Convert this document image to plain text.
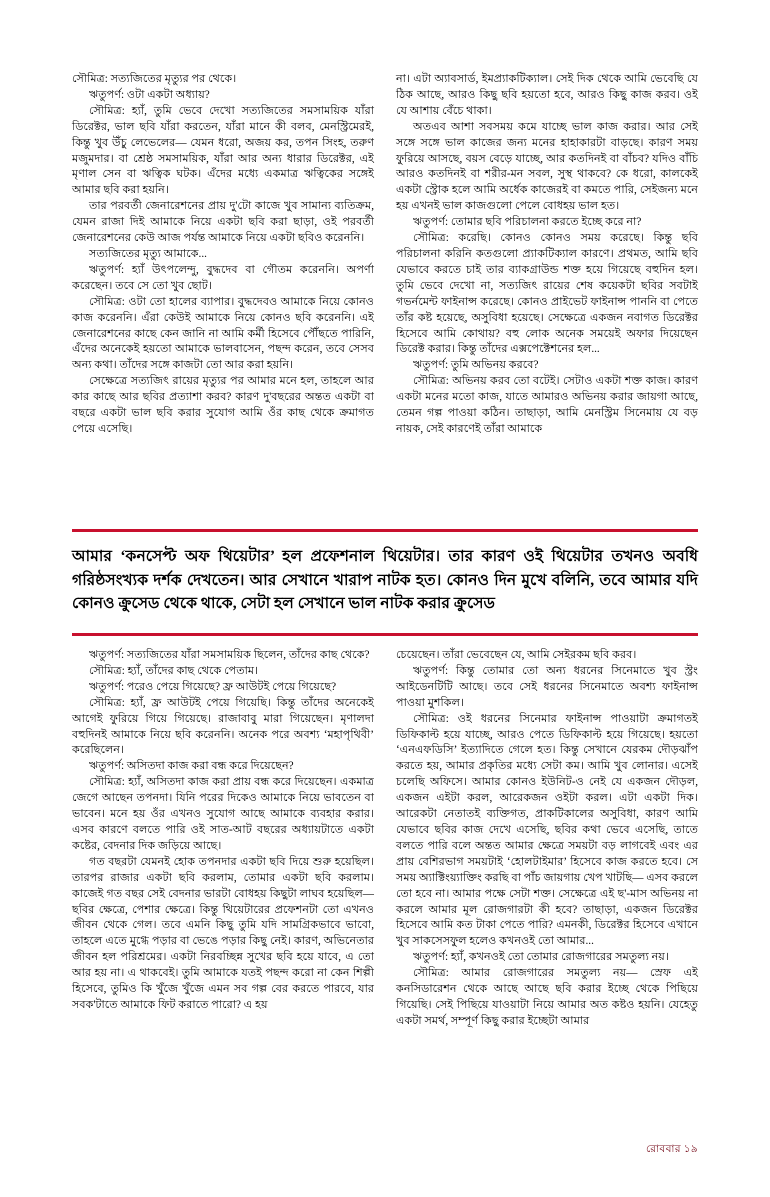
সৌমিত্র: সত্যজিতের মৃত্যুর পর থেকে।

ঋতুপর্ণ: ওটা একটা অধ্যায়?

সৌমিত্র: হ্যাঁ, তুমি ভেবে দেখো সত্যজিতের সমসাময়িক যাঁরা ডিরেক্টর, ভাল ছবি যাঁরা করতেন, যাঁরা মানে কী বলব, মেনস্ট্রিমেরই, কিন্তু খুব উঁচু লেভেলের— যেমন ধরো, অজয় কর, তপন সিংহ, তরুণ মজুমদার। বা শ্রেষ্ঠ সমসাময়িক, যাঁরা আর অন্য ধারার ডিরেক্টর, এই মৃণাল সেন বা ঋত্বিক ঘটক। এঁদের মধ্যে একমাত্র ঋত্বিকের সঙ্গেই আমার ছবি করা হয়নি।

তার পরবর্তী জেনারেশনের প্রায় দু'টো কাজে খুব সামান্য ব্যতিক্রম, যেমন রাজা দিই আমাকে নিয়ে একটা ছবি করা ছাড়া, ওই পরবর্তী জেনারেশনের কেউ আজ পর্যন্ত আমাকে নিয়ে একটা ছবিও করেননি।

সত্যজিতের মৃত্যু আমাকে...

ঋতুপর্ণ: হ্যাঁ উৎপলেন্দু, বুদ্ধদেব বা গৌতম করেননি। অপর্ণা করেছেন। তবে সে তো খুব ছোট।

সৌমিত্র: ওটা তো হালের ব্যাপার। বুদ্ধদেবও আমাকে নিয়ে কোনও কাজ করেননি। এঁরা কেউই আমাকে নিয়ে কোনও ছবি করেননি। এই জেনারেশনের কাছে কেন জানি না আমি কর্মী হিসেবে পৌঁছতে পারিনি, এঁদের অনেকেই হয়তো আমাকে ভালবাসেন, পছন্দ করেন, তবে সেসব অন্য কথা। তাঁদের সঙ্গে কাজটা তো আর করা হয়নি।

সেক্ষেত্রে সত্যজিৎ রায়ের মৃত্যুর পর আমার মনে হল, তাহলে আর কার কাছে আর ছবির প্রত্যাশা করব? কারণ দু'বছরের অন্তত একটা বা বছরে একটা ভাল ছবি করার সুযোগ আমি ওঁর কাছ থেকে ক্রমাগত পেয়ে এসেছি।

না। এটা অ্যাবসার্ড, ইমপ্র্যাকটিক্যাল। সেই দিক থেকে আমি ভেবেছি যে ঠিক আছে, আরও কিছু ছবি হয়তো হবে, আরও কিছু কাজ করব। ওই যে আশায় বেঁচে থাকা।

অতএব আশা সবসময় কমে যাচ্ছে ভাল কাজ করার। আর সেই সঙ্গে সঙ্গে ভাল কাজের জন্য মনের হাহাকারটা বাড়ছে। কারণ সময় ফুরিয়ে আসছে, বয়স বেড়ে যাচ্ছে, আর কতদিনই বা বাঁচব? যদিও বাঁচি আরও কতদিনই বা শরীর-মন সবল, সুস্থ থাকবে? কে ধরো, কালকেই একটা স্ট্রোক হলে আমি অর্ধেক কাজেরই বা কমতে পারি, সেইজন্য মনে হয় এখনই ভাল কাজগুলো পেলে বোধহয় ভাল হত।

ঋতুপর্ণ: তোমার ছবি পরিচালনা করতে ইচ্ছে করে না?

সৌমিত্র: করেছি। কোনও কোনও সময় করেছে। কিন্তু ছবি পরিচালনা করিনি কতগুলো প্র্যাকটিক্যাল কারণে। প্রথমত, আমি ছবি যেভাবে করতে চাই তার ব্যাকগ্রাউন্ড শক্ত হয়ে গিয়েছে বহুদিন হল। তুমি ভেবে দেখো না, সত্যজিৎ রায়ের শেষ কয়েকটা ছবির সবটাই গভর্নমেন্ট ফাইনান্স করেছে। কোনও প্রাইভেট ফাইনান্স পাননি বা পেতে তাঁর কষ্ট হয়েছে, অসুবিধা হয়েছে। সেক্ষেত্রে একজন নবাগত ডিরেক্টর হিসেবে আমি কোথায়? বহু লোক অনেক সময়েই অফার দিয়েছেন ডিরেক্ট করার। কিন্তু তাঁদের এক্সপেক্টেশনের হল...

ঋতুপর্ণ: তুমি অভিনয় করবে?

সৌমিত্র: অভিনয় করব তো বটেই। সেটাও একটা শক্ত কাজ। কারণ একটা মনের মতো কাজ, যাতে আমারও অভিনয় করার জায়গা আছে, তেমন গল্প পাওয়া কঠিন। তাছাড়া, আমি মেনস্ট্রিম সিনেমায় যে বড় নায়ক, সেই কারণেই তাঁরা আমাকে

আমার ‘কনসেপ্ট অফ থিয়েটার’ হল প্রফেশনাল থিয়েটার। তার কারণ ওই থিয়েটার তখনও অবধি গরিষ্ঠসংখ্যক দর্শক দেখতেন। আর সেখানে খারাপ নাটক হত। কোনও দিন মুখে বলিনি, তবে আমার যদি কোনও ক্রুসেড থেকে থাকে, সেটা হল সেখানে ভাল নাটক করার ক্রুসেড

ঋতুপর্ণ: সত্যজিতের যাঁরা সমসাময়িক ছিলেন, তাঁদের কাছ থেকে?

সৌমিত্র: হ্যাঁ, তাঁদের কাছ থেকে পেতাম।

ঋতুপর্ণ: পরেও পেয়ে গিয়েছে? ফ্র আউটই পেয়ে গিয়েছে?

সৌমিত্র: হ্যাঁ, ফ্র আউটই পেয়ে গিয়েছি। কিন্তু তাঁদের অনেকেই আগেই ফুরিয়ে গিয়ে গিয়েছে। রাজাবাবু মারা গিয়েছেন। মৃণালদা বহুদিনই আমাকে নিয়ে ছবি করেননি। অনেক পরে অবশ্য ‘মহাপৃথিবী’ করেছিলেন।

ঋতুপর্ণ: অসিতদা কাজ করা বন্ধ করে দিয়েছেন?

সৌমিত্র: হ্যাঁ, অসিতদা কাজ করা প্রায় বন্ধ করে দিয়েছেন। একমাত্র জেগে আছেন তপনদা। যিনি পরের দিকেও আমাকে নিয়ে ভাবতেন বা ভাবেন। মনে হয় ওঁর এখনও সুযোগ আছে আমাকে ব্যবহার করার। এসব কারণে বলতে পারি ওই সাত-আট বছরের অধ্যায়টাতে একটা কষ্টের, বেদনার দিক জড়িয়ে আছে।

গত বছরটা যেমনই হোক তপনদার একটা ছবি দিয়ে শুরু হয়েছিল। তারপর রাজার একটা ছবি করলাম, তোমার একটা ছবি করলাম। কাজেই গত বছর সেই বেদনার ভারটা বোধহয় কিছুটা লাঘব হয়েছিল— ছবির ক্ষেত্রে, পেশার ক্ষেত্রে। কিন্তু থিয়েটারের প্রফেশনটা তো এখনও জীবন থেকে গেল। তবে এমনি কিছু তুমি যদি সামগ্রিকভাবে ভাবো, তাহলে এতে মুগ্ধে পড়ার বা ভেঙে পড়ার কিছু নেই। কারণ, অভিনেতার জীবন হল পরিশ্রমের। একটা নিরবচ্ছিন্ন সুখের ছবি হয়ে যাবে, এ তো আর হয় না। এ থাকবেই। তুমি আমাকে যতই পছন্দ করো না কেন শিল্পী হিসেবে, তুমিও কি খুঁজে খুঁজে এমন সব গল্প বের করতে পারবে, যার সবক'টাতে আমাকে ফিট করাতে পারো? এ হয়

চেয়েছেন। তাঁরা ভেবেছেন যে, আমি সেইরকম ছবি করব।

ঋতুপর্ণ: কিন্তু তোমার তো অন্য ধরনের সিনেমাতে খুব স্ট্রং আইডেনটিটি আছে। তবে সেই ধরনের সিনেমাতে অবশ্য ফাইনান্স পাওয়া মুশকিল।

সৌমিত্র: ওই ধরনের সিনেমার ফাইনান্স পাওয়াটা ক্রমাগতই ডিফিকাল্ট হয়ে যাচ্ছে, আরও পেতে ডিফিকাল্ট হয়ে গিয়েছে। হয়তো ‘এনএফডিসি’ ইত্যাদিতে গেলে হত। কিন্তু সেখানে যেরকম দৌড়ঝাঁপ করতে হয়, আমার প্রকৃতির মধ্যে সেটা কম। আমি খুব লোনার। এসেই চলেছি অফিসে। আমার কোনও ইউনিট-ও নেই যে একজন দৌড়ল, একজন এইটা করল, আরেকজন ওইটা করল। এটা একটা দিক। আরেকটা নেতাতই ব্যক্তিগত, প্রাকটিকালের অসুবিধা, কারণ আমি যেভাবে ছবির কাজ দেখে এসেছি, ছবির কথা ভেবে এসেছি, তাতে বলতে পারি বলে অন্তত আমার ক্ষেত্রে সময়টা বড় লাগবেই এবং এর প্রায় বেশিরভাগ সময়টাই ‘হোলটাইমার’ হিসেবে কাজ করতে হবে। সে সময় অ্যাক্টিংয়্যাক্তিং করছি বা পাঁচ জায়গায় খেপ খাটছি— এসব করলে তো হবে না। আমার পক্ষে সেটা শক্ত। সেক্ষেত্রে এই ছ'-মাস অভিনয় না করলে আমার মূল রোজগারটা কী হবে? তাছাড়া, একজন ডিরেক্টর হিসেবে আমি কত টাকা পেতে পারি? এমনকী, ডিরেক্টর হিসেবে এখানে খুব সাকসেসফুল হলেও কখনওই তো আমার...

ঋতুপর্ণ: হ্যাঁ, কখনওই তো তোমার রোজগারের সমতুল্য নয়।

সৌমিত্র: আমার রোজগারের সমতুল্য নয়— স্রেফ এই কনসিডারেশন থেকে আছে আছে ছবি করার ইচ্ছে থেকে পিছিয়ে গিয়েছি। সেই পিছিয়ে যাওয়াটা নিয়ে আমার অত কষ্টও হয়নি। যেহেতু একটা সমর্থ, সম্পূর্ণ কিছু করার ইচ্ছেটা আমার

রোববার ১৯
